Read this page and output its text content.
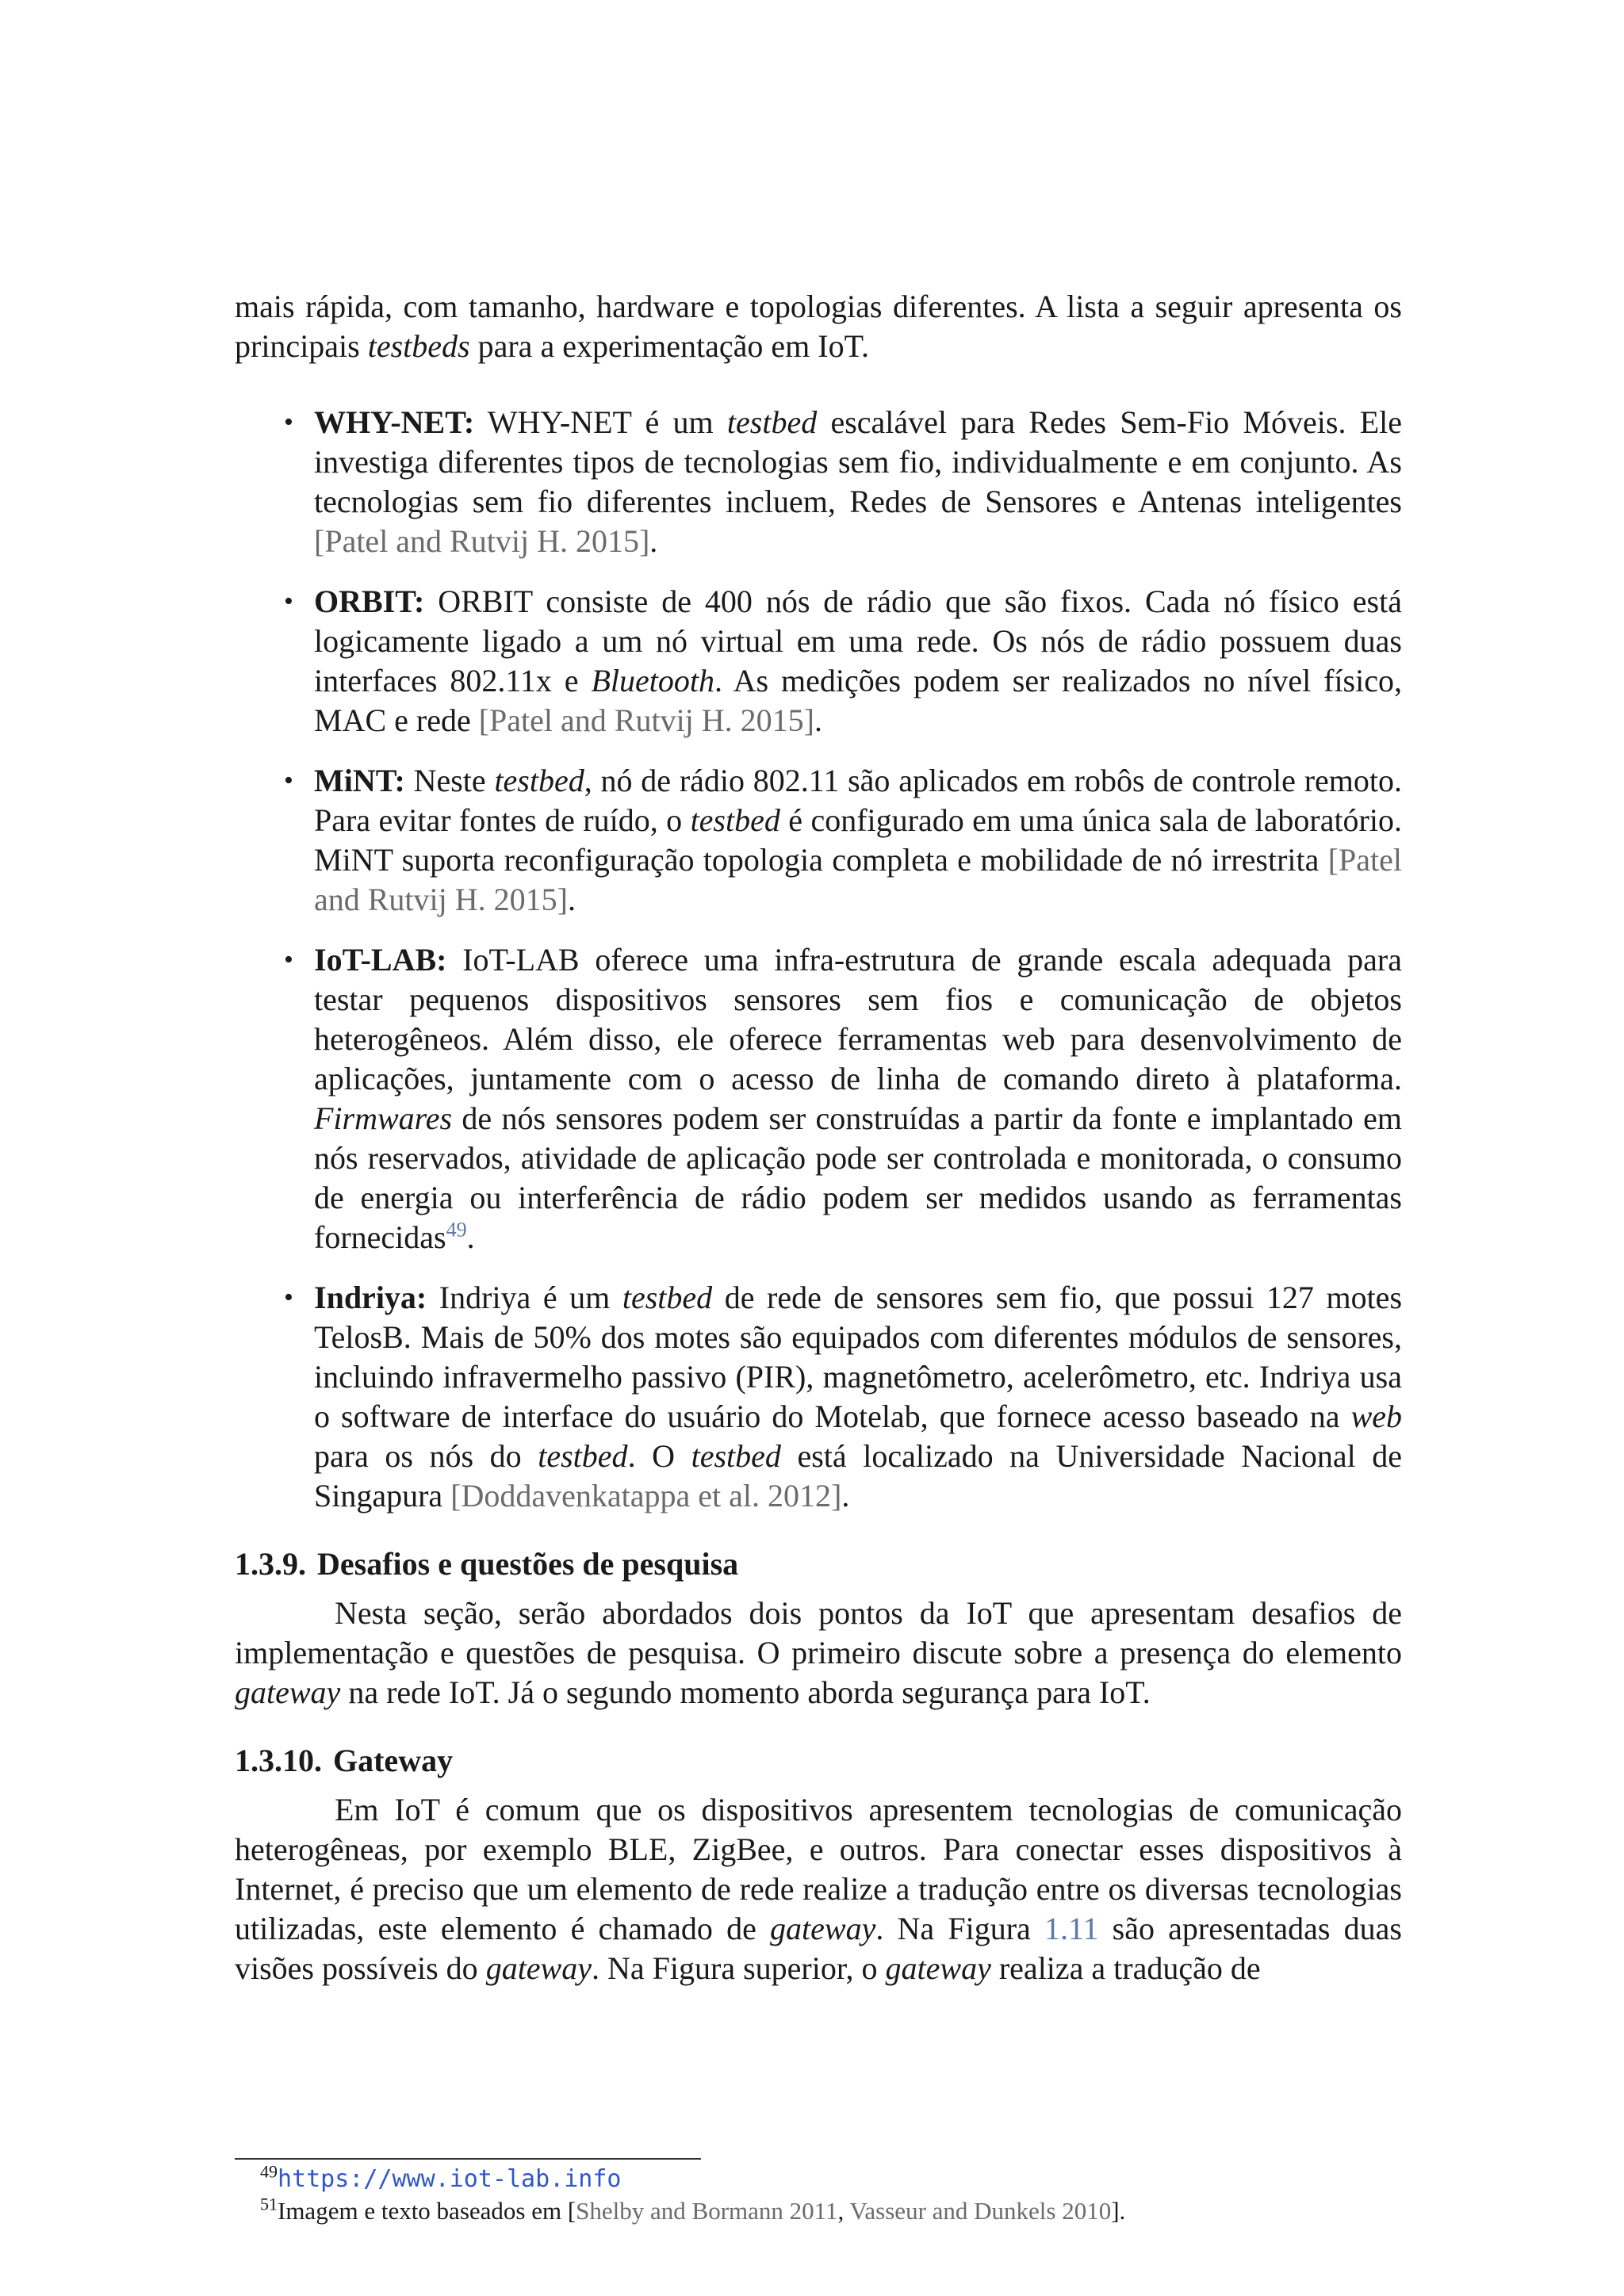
mais rápida, com tamanho, hardware e topologias diferentes. A lista a seguir apresenta os principais testbeds para a experimentação em IoT.

• WHY-NET: WHY-NET é um testbed escalável para Redes Sem-Fio Móveis. Ele investiga diferentes tipos de tecnologias sem fio, individualmente e em conjunto. As tecnologias sem fio diferentes incluem, Redes de Sensores e Antenas inteligentes [Patel and Rutvij H. 2015].
• ORBIT: ORBIT consiste de 400 nós de rádio que são fixos. Cada nó físico está logicamente ligado a um nó virtual em uma rede. Os nós de rádio possuem duas interfaces 802.11x e Bluetooth. As medições podem ser realizados no nível físico, MAC e rede [Patel and Rutvij H. 2015].
• MiNT: Neste testbed, nó de rádio 802.11 são aplicados em robôs de controle remoto. Para evitar fontes de ruído, o testbed é configurado em uma única sala de laboratório. MiNT suporta reconfiguração topologia completa e mobilidade de nó irrestrita [Patel and Rutvij H. 2015].
• IoT-LAB: IoT-LAB oferece uma infra-estrutura de grande escala adequada para testar pequenos dispositivos sensores sem fios e comunicação de objetos heterogêneos. Além disso, ele oferece ferramentas web para desenvolvimento de aplicações, juntamente com o acesso de linha de comando direto à plataforma. Firmwares de nós sensores podem ser construídas a partir da fonte e implantado em nós reservados, atividade de aplicação pode ser controlada e monitorada, o consumo de energia ou interferência de rádio podem ser medidos usando as ferramentas fornecidas$^{49}$.
• Indriya: Indriya é um testbed de rede de sensores sem fio, que possui 127 motes TelosB. Mais de 50% dos motes são equipados com diferentes módulos de sensores, incluindo infravermelho passivo (PIR), magnetômetro, acelerômetro, etc. Indriya usa o software de interface do usuário do Motelab, que fornece acesso baseado na web para os nós do testbed. O testbed está localizado na Universidade Nacional de Singapura [Doddavenkatappa et al. 2012].
1.3.9. Desafios e questões de pesquisa

Nesta seção, serão abordados dois pontos da IoT que apresentam desafios de implementação e questões de pesquisa. O primeiro discute sobre a presença do elemento gateway na rede IoT. Já o segundo momento aborda segurança para IoT.

1.3.10. Gateway

Em IoT é comum que os dispositivos apresentem tecnologias de comunicação heterogêneas, por exemplo BLE, ZigBee, e outros. Para conectar esses dispositivos à Internet, é preciso que um elemento de rede realize a tradução entre os diversas tecnologias utilizadas, este elemento é chamado de gateway. Na Figura 1.11 são apresentadas duas visões possíveis do gateway. Na Figura superior, o gateway realiza a tradução de

$^{49}$https://www.iot-lab.info
$^{51}$Imagem e texto baseados em [Shelby and Bormann 2011, Vasseur and Dunkels 2010].
